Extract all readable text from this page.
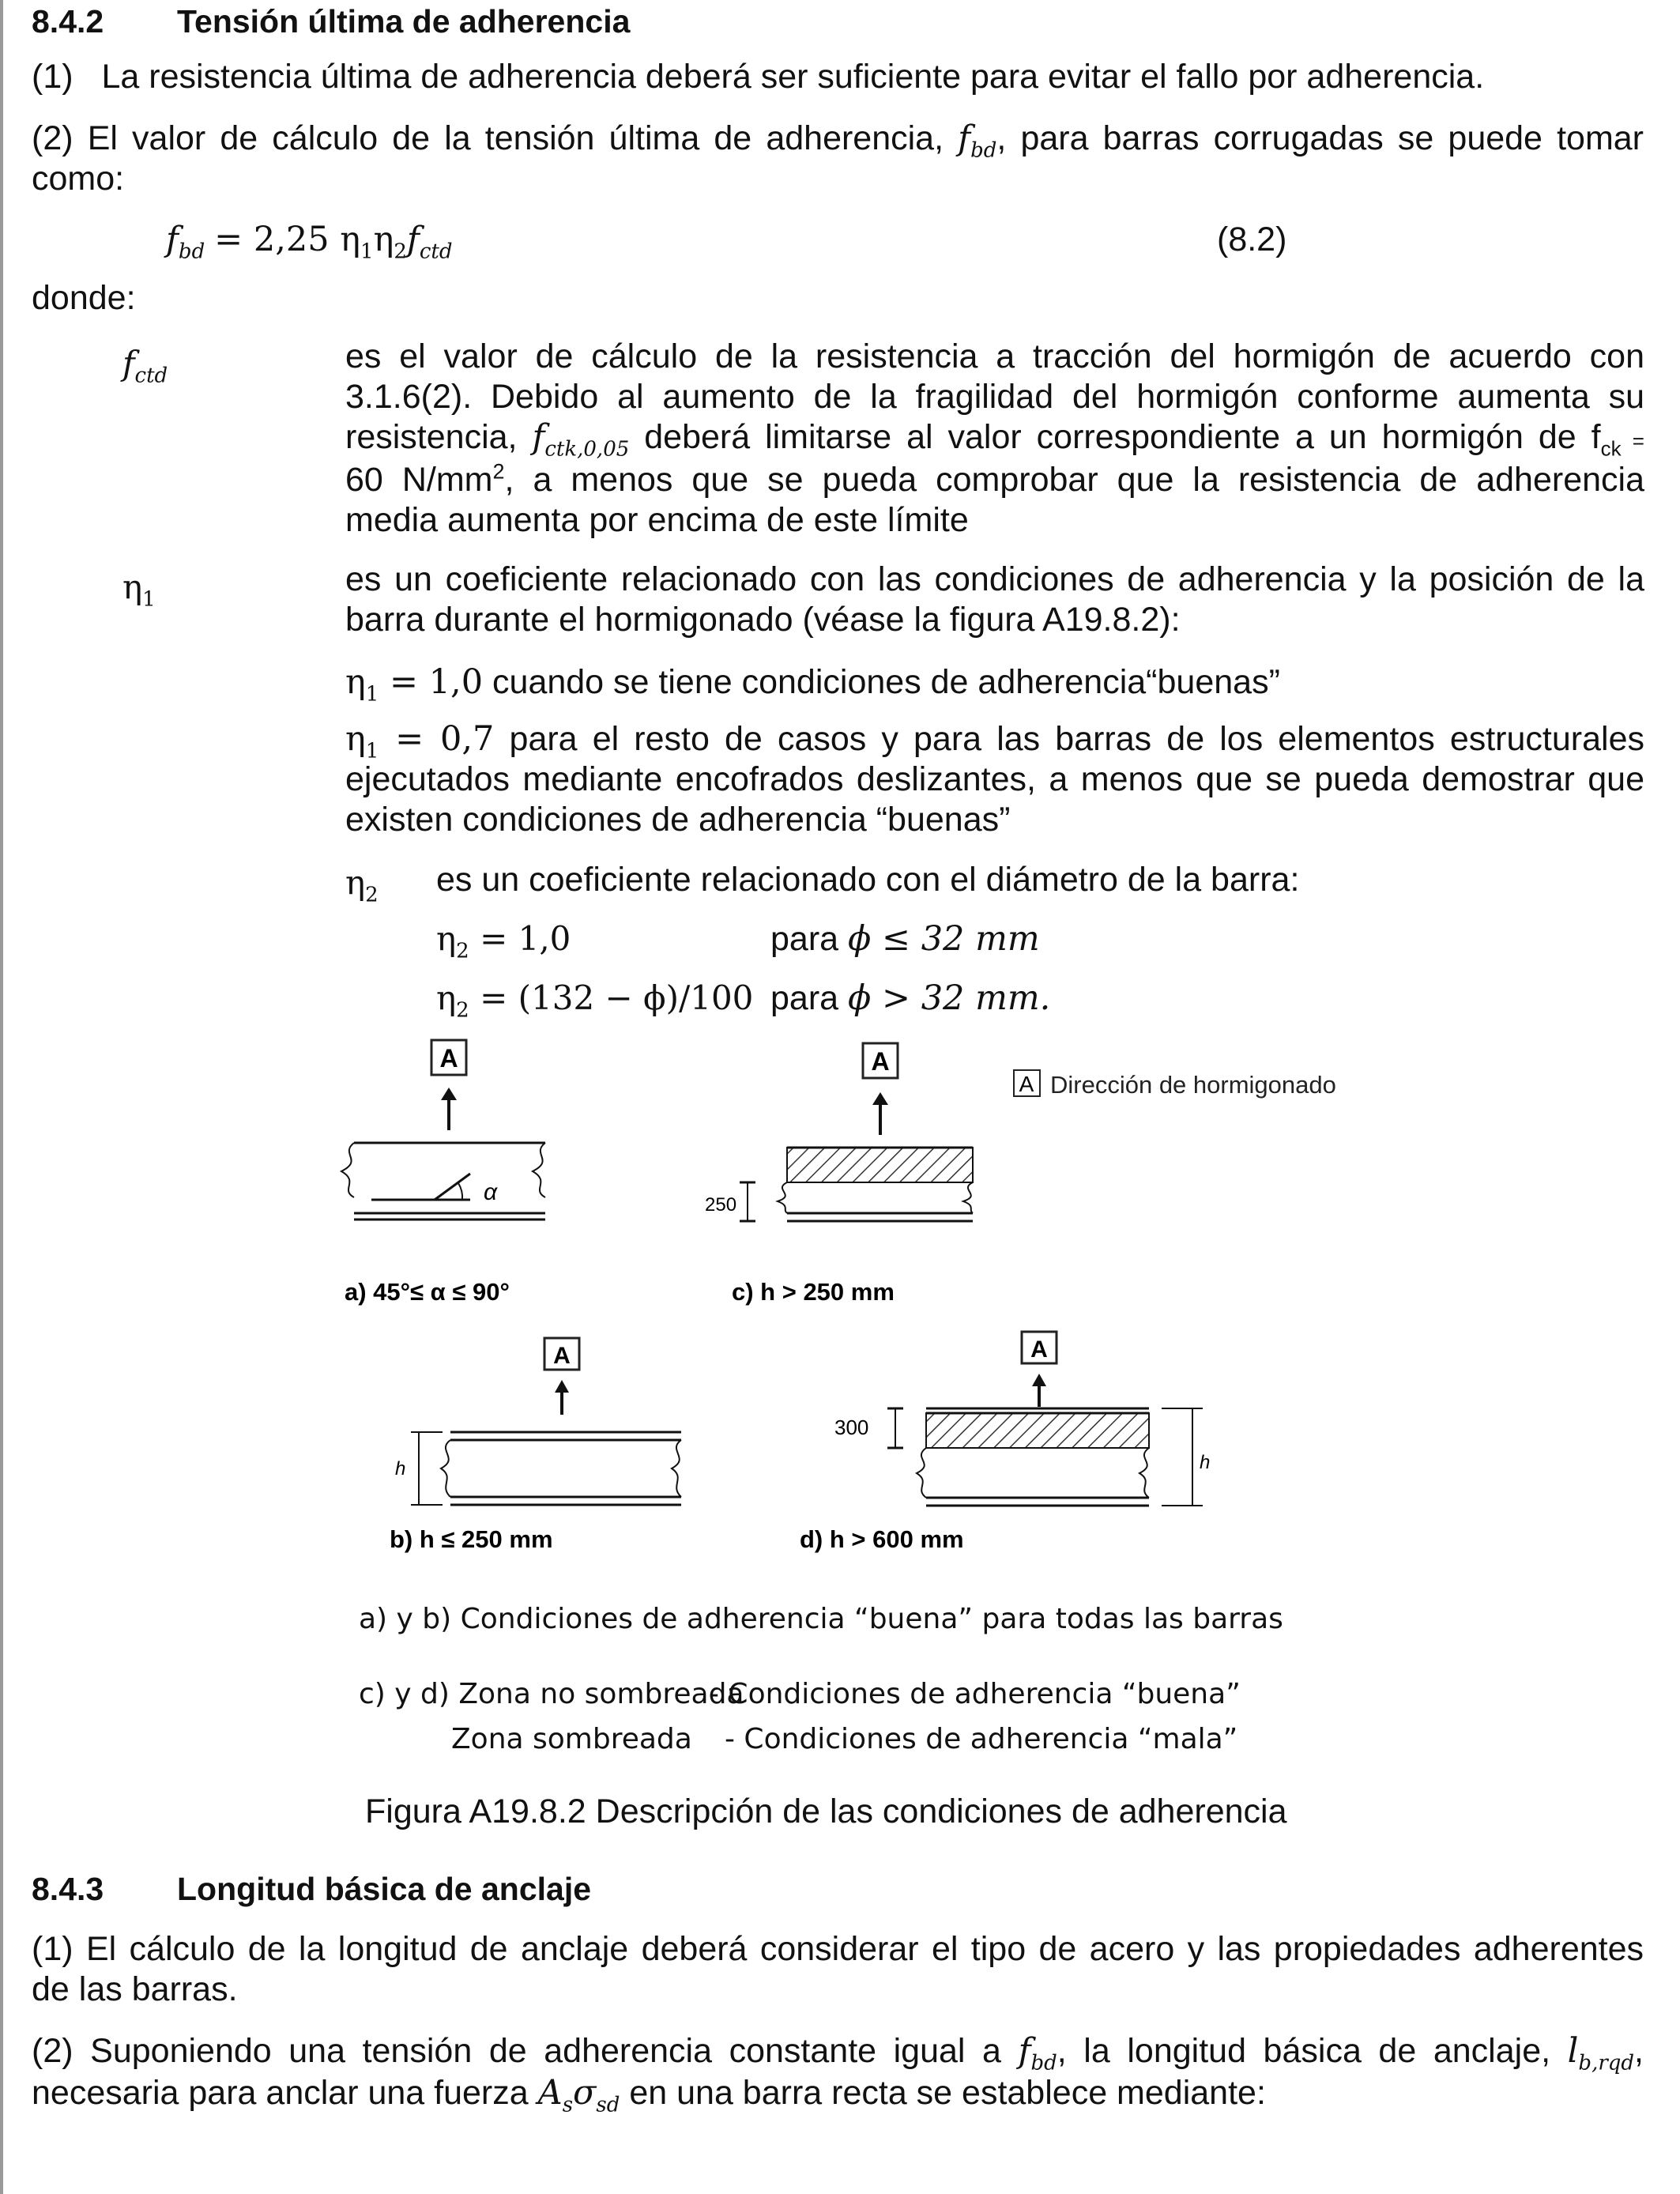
8.4.2 Tensión última de adherencia
(1) La resistencia última de adherencia deberá ser suficiente para evitar el fallo por adherencia.
(2) El valor de cálculo de la tensión última de adherencia, $f_{bd}$, para barras corrugadas se puede tomar
como:
$f_{bd} = 2,25$ $\eta_1\eta_2f_{ctd}$	(8.2)
donde:
$f_{ctd}$
es el valor de cálculo de la resistencia a tracción del hormigón de acuerdo con
3.1.6(2). Debido al aumento de la fragilidad del hormigón conforme aumenta su
resistencia, $f_{ctk,0,05}$ deberá limitarse al valor correspondiente a un hormigón de $f_{ck}$ =
60 $N/mm^2$, a menos que se pueda comprobar que la resistencia de adherencia
media aumenta por encima de este límite
$\eta_1$
es un coeficiente relacionado con las condiciones de adherencia y la posición de la
barra durante el hormigonado (véase la figura A19.8.2):
$\eta_1 = 1,0$ cuando se tiene condiciones de adherencia“buenas”
$\eta_1 = 0,7$ para el resto de casos y para las barras de los elementos estructurales
ejecutados mediante encofrados deslizantes, a menos que se pueda demostrar que
existen condiciones de adherencia “buenas”
$\eta_2$ es un coeficiente relacionado con el diámetro de la barra:
$\eta_2 = 1,0$	para ϕ ≤ 32 mm
$\eta_2 = (132 - \phi)/100$ para ϕ > 32 mm.
A Dirección de hormigonado
A
α
a) 45°≤ α ≤ 90°
A
250
c) h > 250 mm
A
h
b) h ≤ 250 mm
A
300
h
d) h > 600 mm
a) y b) Condiciones de adherencia “buena” para todas las barras
c) y d) Zona no sombreada
- Condiciones de adherencia “buena”
Zona sombreada - Condiciones de adherencia “mala”
Figura A19.8.2 Descripción de las condiciones de adherencia
8.4.3 Longitud básica de anclaje
(1) El cálculo de la longitud de anclaje deberá considerar el tipo de acero y las propiedades adherentes
de las barras.
(2) Suponiendo una tensión de adherencia constante igual a $f_{bd}$, la longitud básica de anclaje, $l_{b,rqd}$,
necesaria para anclar una fuerza $A_s\sigma_{sd}$ en una barra recta se establece mediante:
